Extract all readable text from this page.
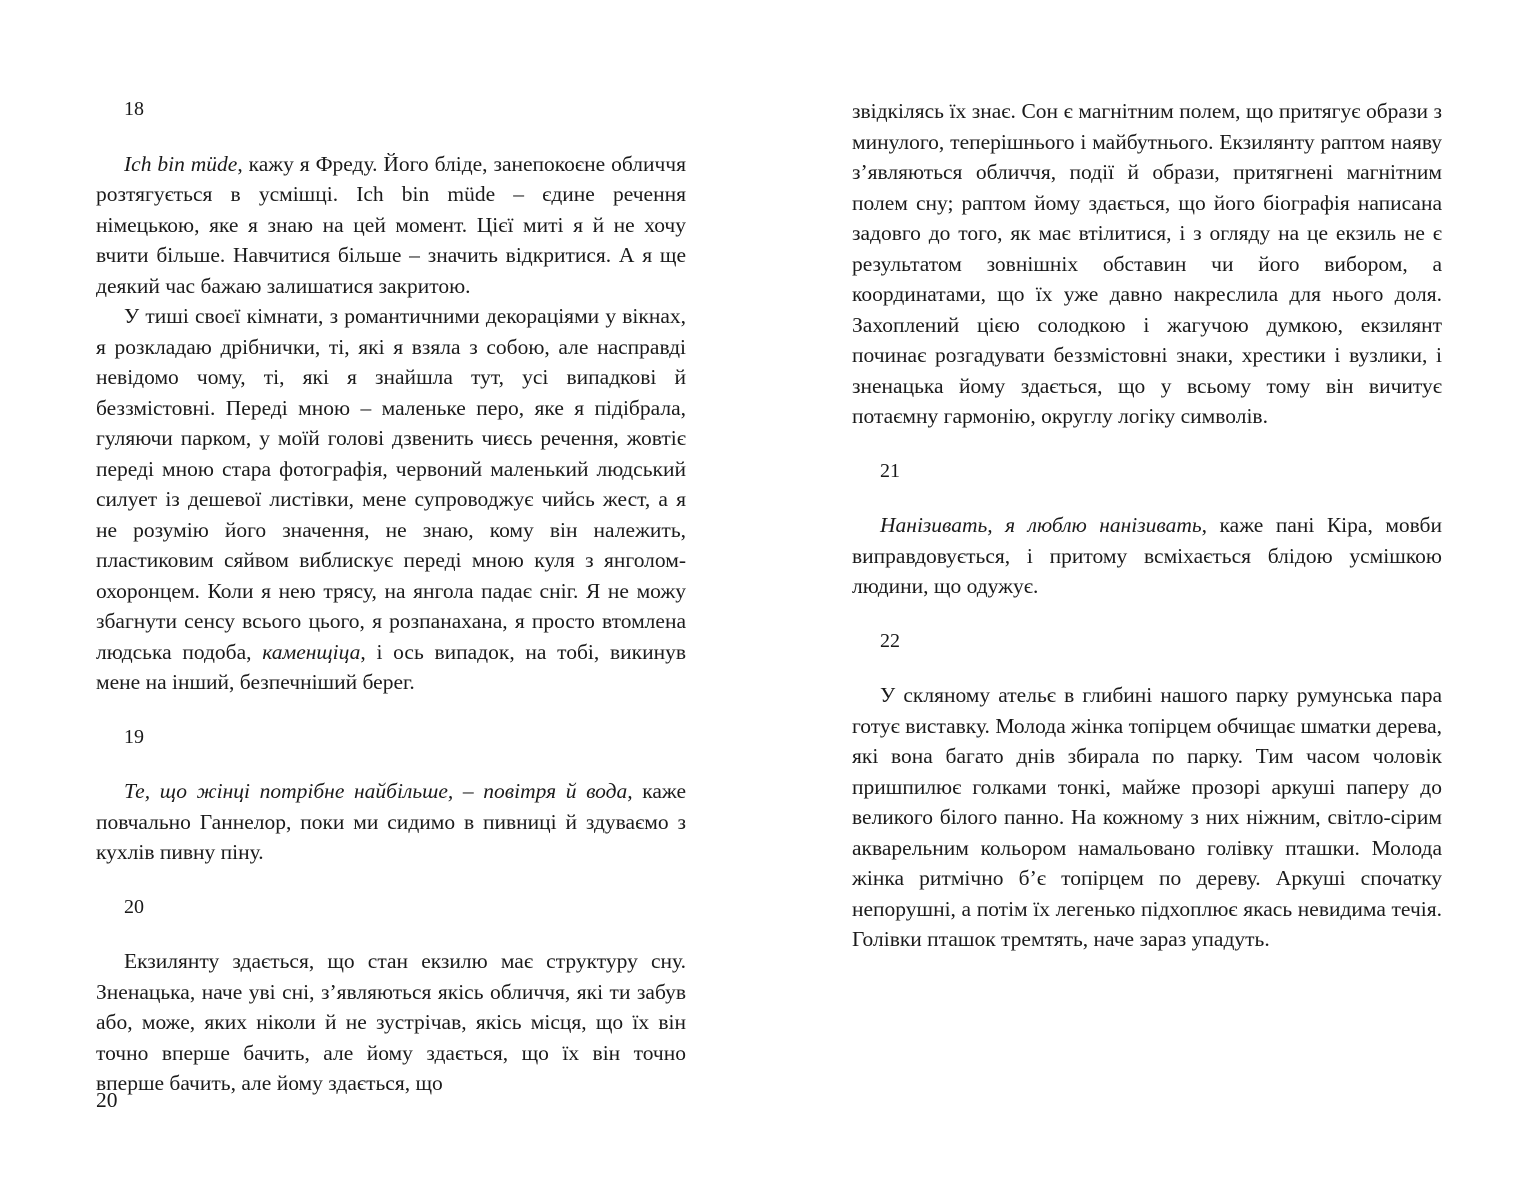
18

Ich bin müde, кажу я Фреду. Його бліде, занепокоєне обличчя розтягується в усмішці. Ich bin müde – єдине речення німецькою, яке я знаю на цей момент. Цієї миті я й не хочу вчити більше. Навчитися більше – значить відкритися. А я ще деякий час бажаю залишатися закритою.

У тиші своєї кімнати, з романтичними декораціями у вікнах, я розкладаю дрібнички, ті, які я взяла з собою, але насправді невідомо чому, ті, які я знайшла тут, усі випадкові й беззмістовні. Переді мною – маленьке перо, яке я підібрала, гуляючи парком, у моїй голові дзвенить чиєсь речення, жовтіє переді мною стара фотографія, червоний маленький людський силует із дешевої листівки, мене супроводжує чийсь жест, а я не розумію його значення, не знаю, кому він належить, пластиковим сяйвом виблискує переді мною куля з янголом-охоронцем. Коли я нею трясу, на янгола падає сніг. Я не можу збагнути сенсу всього цього, я розпанахана, я просто втомлена людська подоба, каменщіца, і ось випадок, на тобі, викинув мене на інший, безпечніший берег.

19

Те, що жінці потрібне найбільше, – повітря й вода, каже повчально Ганнелор, поки ми сидимо в пивниці й здуваємо з кухлів пивну піну.

20

Екзилянту здається, що стан екзилю має структуру сну. Зненацька, наче уві сні, з’являються якісь обличчя, які ти забув або, може, яких ніколи й не зустрічав, якісь місця, що їх він точно вперше бачить, але йому здається, що їх він точно вперше бачить, але йому здається, що

20

звідкілясь їх знає. Сон є магнітним полем, що притягує образи з минулого, теперішнього і майбутнього. Екзилянту раптом наяву з’являються обличчя, події й образи, притягнені магнітним полем сну; раптом йому здається, що його біографія написана задовго до того, як має втілитися, і з огляду на це екзиль не є результатом зовнішніх обставин чи його вибором, а координатами, що їх уже давно накреслила для нього доля. Захоплений цією солодкою і жагучою думкою, екзилянт починає розгадувати беззмістовні знаки, хрестики і вузлики, і зненацька йому здається, що у всьому тому він вичитує потаємну гармонію, округлу логіку символів.

21

Нанізивать, я люблю нанізивать, каже пані Кіра, мовби виправдовується, і притому всміхається блідою усмішкою людини, що одужує.

22

У скляному ательє в глибині нашого парку румунська пара готує виставку. Молода жінка топірцем обчищає шматки дерева, які вона багато днів збирала по парку. Тим часом чоловік пришпилює голками тонкі, майже прозорі аркуші паперу до великого білого панно. На кожному з них ніжним, світло-сірим акварельним кольором намальовано голівку пташки. Молода жінка ритмічно б’є топірцем по дереву. Аркуші спочатку непорушні, а потім їх легенько підхоплює якась невидима течія. Голівки пташок тремтять, наче зараз упадуть.
